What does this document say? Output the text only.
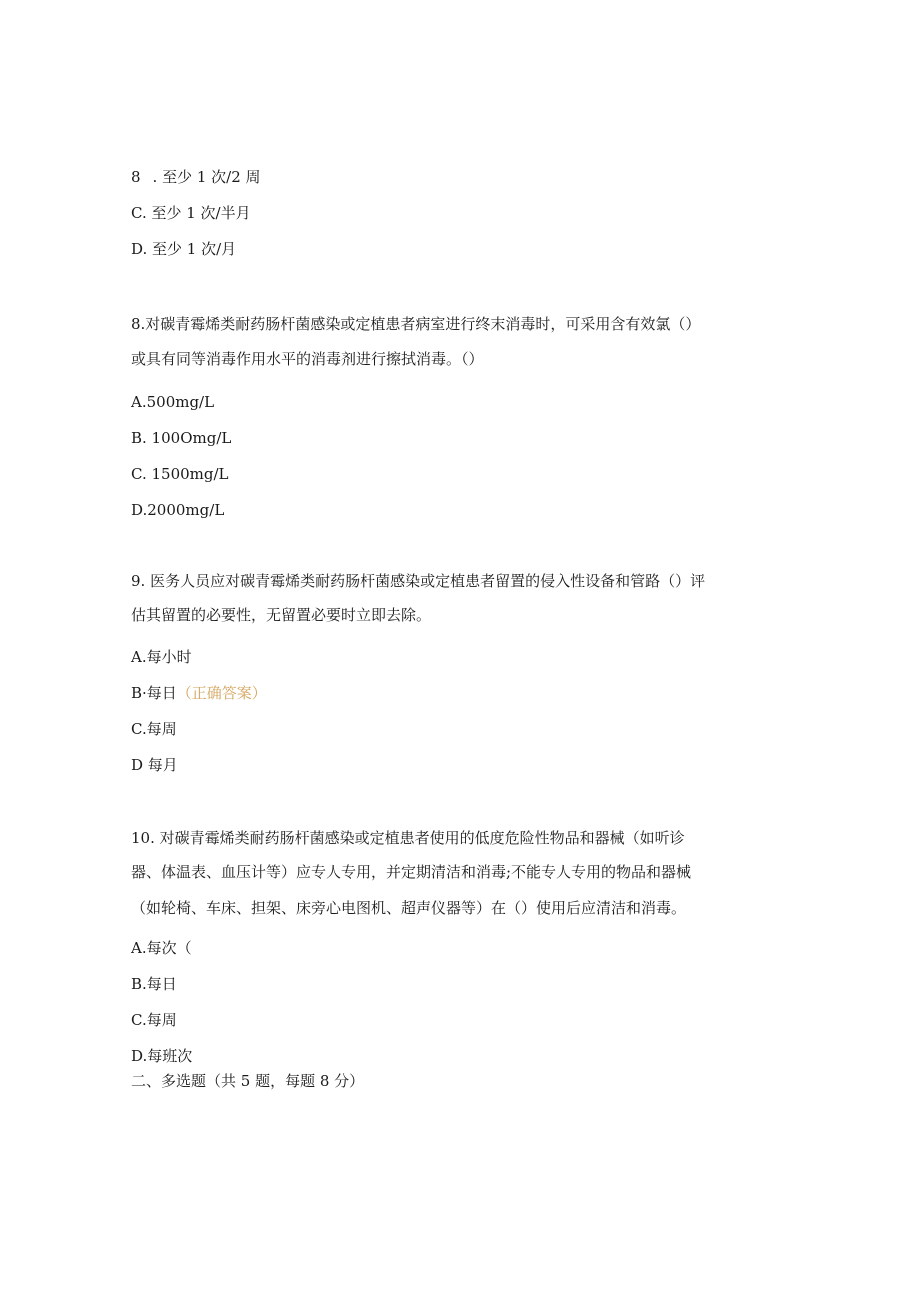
8 . 至少 1 次/2 周

C. 至少 1 次/半月

D. 至少 1 次/月

8.对碳青霉烯类耐药肠杆菌感染或定植患者病室进行终末消毒时，可采用含有效氯（）

或具有同等消毒作用水平的消毒剂进行擦拭消毒。（）

A.500mg/L

B. 100Omg/L

C. 1500mg/L

D.2000mg/L

9. 医务人员应对碳青霉烯类耐药肠杆菌感染或定植患者留置的侵入性设备和管路（）评

估其留置的必要性，无留置必要时立即去除。

A.每小时

B·每日（正确答案）

C.每周

D 每月

10. 对碳青霉烯类耐药肠杆菌感染或定植患者使用的低度危险性物品和器械（如听诊

器、体温表、血压计等）应专人专用，并定期清洁和消毒;不能专人专用的物品和器械

（如轮椅、车床、担架、床旁心电图机、超声仪器等）在（）使用后应清洁和消毒。

A.每次（

B.每日

C.每周

D.每班次

二、多选题（共 5 题，每题 8 分）
